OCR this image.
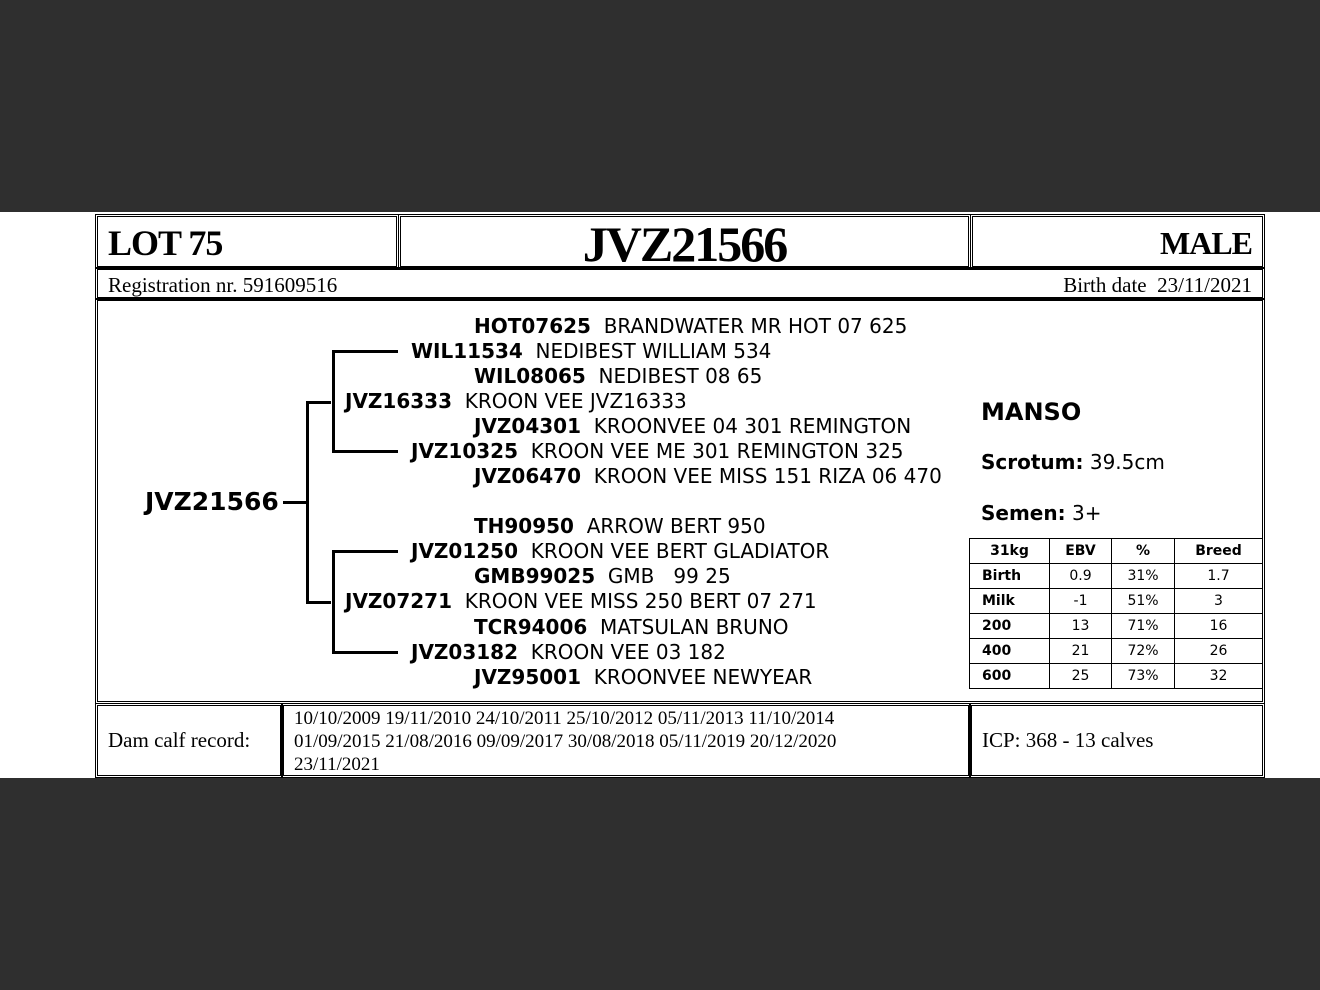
LOT 75	JVZ21566	MALE
Registration nr. 591609516	Birth date 23/11/2021
JVZ21566
HOT07625 BRANDWATER MR HOT 07 625
WIL11534 NEDIBEST WILLIAM 534
WIL08065 NEDIBEST 08 65
JVZ16333 KROON VEE JVZ16333
JVZ04301 KROONVEE 04 301 REMINGTON
JVZ10325 KROON VEE ME 301 REMINGTON 325
JVZ06470 KROON VEE MISS 151 RIZA 06 470
TH90950 ARROW BERT 950
JVZ01250 KROON VEE BERT GLADIATOR
GMB99025 GMB   99 25
JVZ07271 KROON VEE MISS 250 BERT 07 271
TCR94006 MATSULAN BRUNO
JVZ03182 KROON VEE 03 182
JVZ95001 KROONVEE NEWYEAR
MANSO
Scrotum: 39.5cm
Semen: 3+
31kg	EBV	%	Breed
Birth	0.9	31%	1.7
Milk	-1	51%	3
200	13	71%	16
400	21	72%	26
600	25	73%	32
Dam calf record:
10/10/2009 19/11/2010 24/10/2011 25/10/2012 05/11/2013 11/10/2014
01/09/2015 21/08/2016 09/09/2017 30/08/2018 05/11/2019 20/12/2020
23/11/2021
ICP: 368 - 13 calves
